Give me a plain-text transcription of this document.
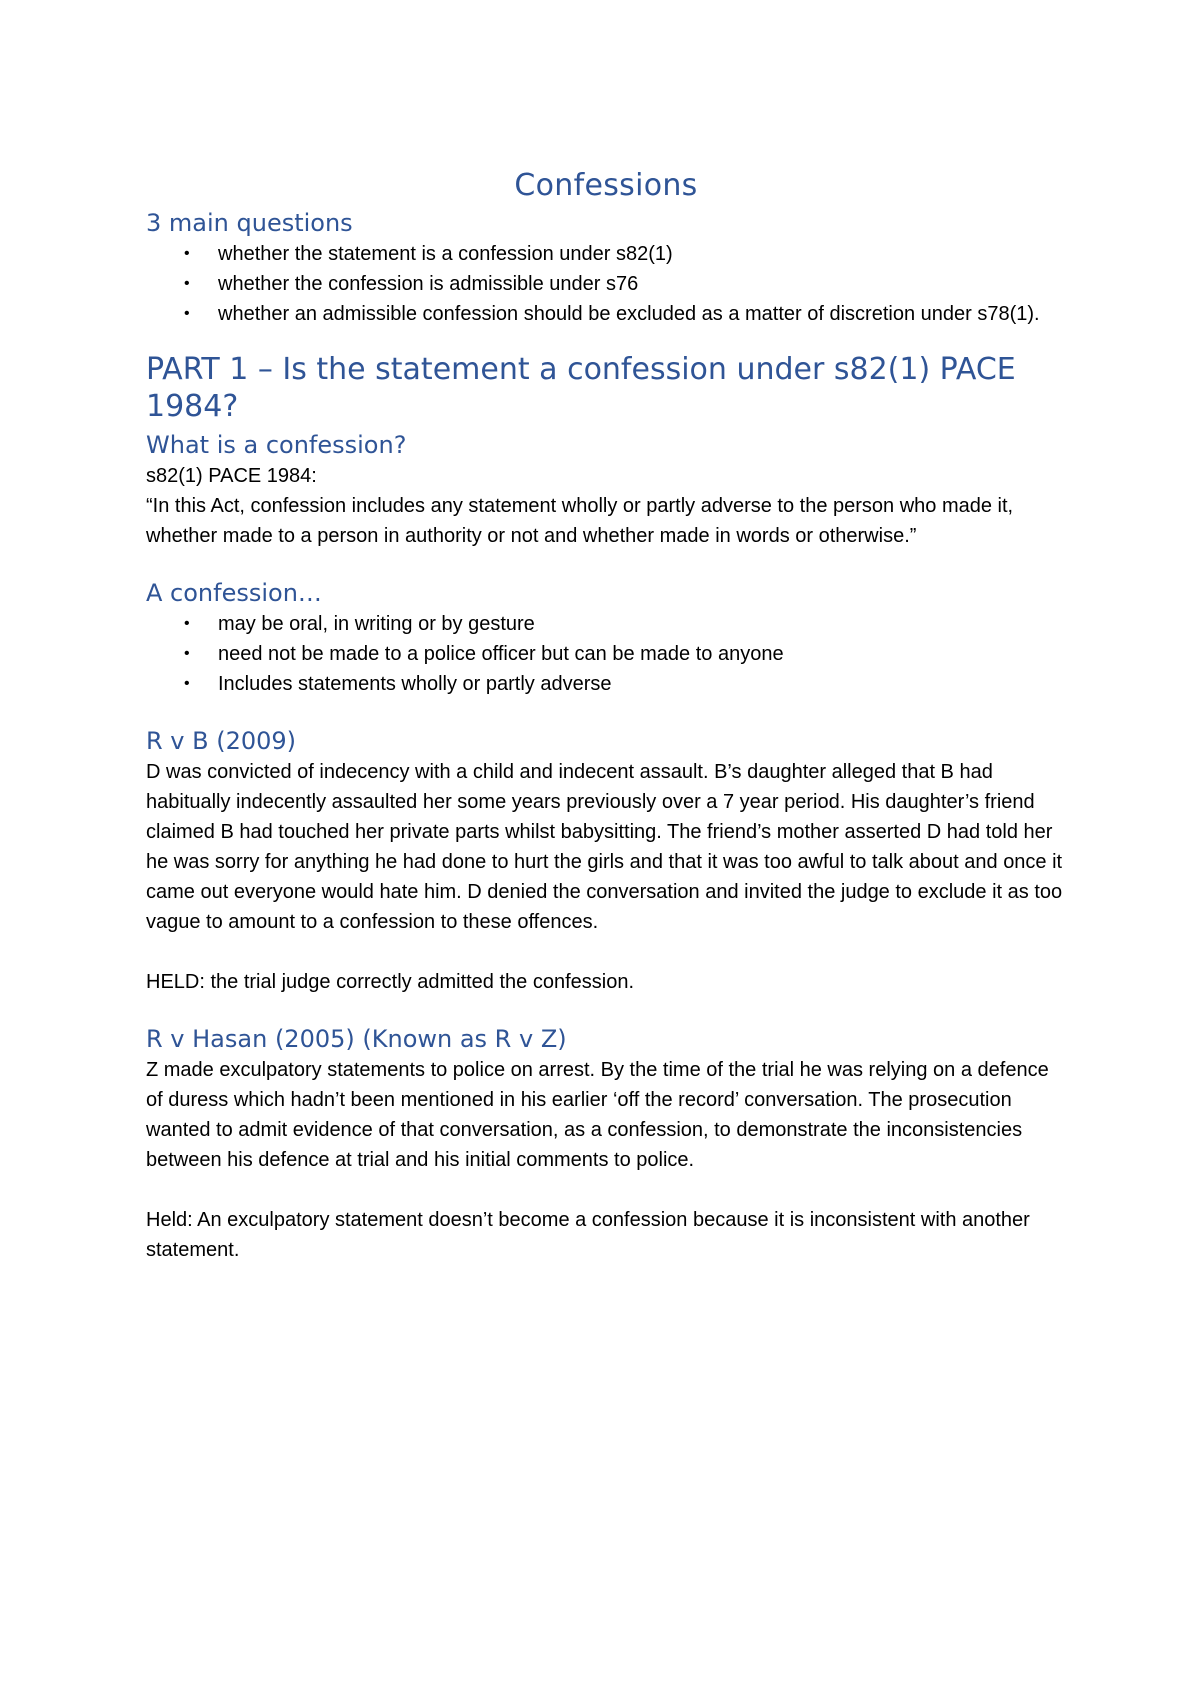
Confessions
3 main questions
• whether the statement is a confession under s82(1)
• whether the confession is admissible under s76
• whether an admissible confession should be excluded as a matter of discretion under s78(1).
PART 1 – Is the statement a confession under s82(1) PACE 1984?
What is a confession?

s82(1) PACE 1984:

“In this Act, confession includes any statement wholly or partly adverse to the person who made it, whether made to a person in authority or not and whether made in words or otherwise.”

A confession…
• may be oral, in writing or by gesture
• need not be made to a police officer but can be made to anyone
• Includes statements wholly or partly adverse
R v B (2009)

D was convicted of indecency with a child and indecent assault. B’s daughter alleged that B had habitually indecently assaulted her some years previously over a 7 year period. His daughter’s friend claimed B had touched her private parts whilst babysitting. The friend’s mother asserted D had told her he was sorry for anything he had done to hurt the girls and that it was too awful to talk about and once it came out everyone would hate him. D denied the conversation and invited the judge to exclude it as too vague to amount to a confession to these offences.

HELD: the trial judge correctly admitted the confession.

R v Hasan (2005) (Known as R v Z)

Z made exculpatory statements to police on arrest. By the time of the trial he was relying on a defence of duress which hadn’t been mentioned in his earlier ‘off the record’ conversation. The prosecution wanted to admit evidence of that conversation, as a confession, to demonstrate the inconsistencies between his defence at trial and his initial comments to police.

Held: An exculpatory statement doesn’t become a confession because it is inconsistent with another statement.
